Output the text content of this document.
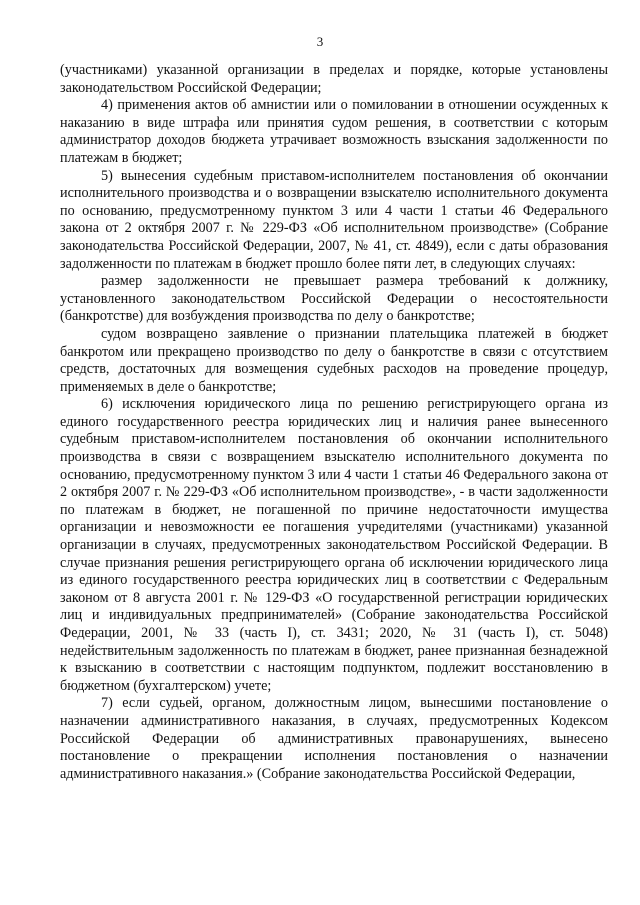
3

(участниками) указанной организации в пределах и порядке, которые установлены законодательством Российской Федерации;

4) применения актов об амнистии или о помиловании в отношении осужденных к наказанию в виде штрафа или принятия судом решения, в соответствии с которым администратор доходов бюджета утрачивает возможность взыскания задолженности по платежам в бюджет;

5) вынесения судебным приставом-исполнителем постановления об окончании исполнительного производства и о возвращении взыскателю исполнительного документа по основанию, предусмотренному пунктом 3 или 4 части 1 статьи 46 Федерального закона от 2 октября 2007 г. № 229-ФЗ «Об исполнительном производстве» (Собрание законодательства Российской Федерации, 2007, № 41, ст. 4849), если с даты образования задолженности по платежам в бюджет прошло более пяти лет, в следующих случаях:

размер задолженности не превышает размера требований к должнику, установленного законодательством Российской Федерации о несостоятельности (банкротстве) для возбуждения производства по делу о банкротстве;

судом возвращено заявление о признании плательщика платежей в бюджет банкротом или прекращено производство по делу о банкротстве в связи с отсутствием средств, достаточных для возмещения судебных расходов на проведение процедур, применяемых в деле о банкротстве;

6) исключения юридического лица по решению регистрирующего органа из единого государственного реестра юридических лиц и наличия ранее вынесенного судебным приставом-исполнителем постановления об окончании исполнительного производства в связи с возвращением взыскателю исполнительного документа по основанию, предусмотренному пунктом 3 или 4 части 1 статьи 46 Федерального закона от 2 октября 2007 г. № 229-ФЗ «Об исполнительном производстве», - в части задолженности по платежам в бюджет, не погашенной по причине недостаточности имущества организации и невозможности ее погашения учредителями (участниками) указанной организации в случаях, предусмотренных законодательством Российской Федерации. В случае признания решения регистрирующего органа об исключении юридического лица из единого государственного реестра юридических лиц в соответствии с Федеральным законом от 8 августа 2001 г. № 129-ФЗ «О государственной регистрации юридических лиц и индивидуальных предпринимателей» (Собрание законодательства Российской Федерации, 2001, № 33 (часть I), ст. 3431; 2020, № 31 (часть I), ст. 5048) недействительным задолженность по платежам в бюджет, ранее признанная безнадежной к взысканию в соответствии с настоящим подпунктом, подлежит восстановлению в бюджетном (бухгалтерском) учете;

7) если судьей, органом, должностным лицом, вынесшими постановление о назначении административного наказания, в случаях, предусмотренных Кодексом Российской Федерации об административных правонарушениях, вынесено постановление о прекращении исполнения постановления о назначении административного наказания.» (Собрание законодательства Российской Федерации,
